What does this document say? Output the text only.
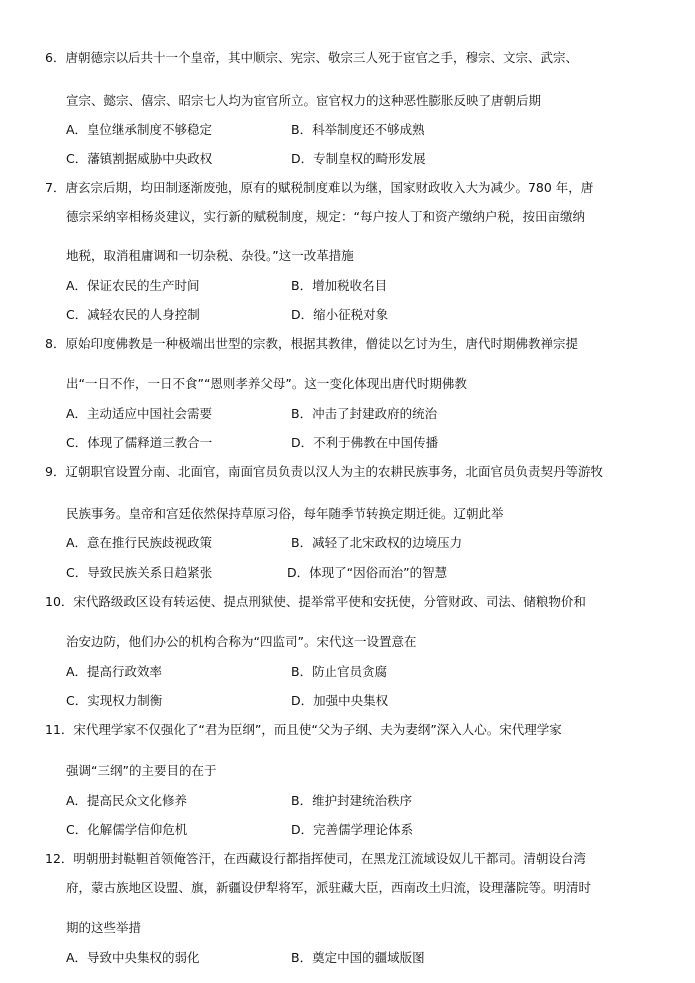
6．唐朝德宗以后共十一个皇帝，其中顺宗、宪宗、敬宗三人死于宦官之手，穆宗、文宗、武宗、
宣宗、懿宗、僖宗、昭宗七人均为宦官所立。宦官权力的这种恶性膨胀反映了唐朝后期
A．皇位继承制度不够稳定	B．科举制度还不够成熟
C．藩镇割据威胁中央政权	D．专制皇权的畸形发展
7．唐玄宗后期，均田制逐渐废弛，原有的赋税制度难以为继，国家财政收入大为减少。780 年，唐
德宗采纳宰相杨炎建议，实行新的赋税制度，规定：“每户按人丁和资产缴纳户税，按田亩缴纳
地税，取消租庸调和一切杂税、杂役。”这一改革措施
A．保证农民的生产时间	B．增加税收名目
C．减轻农民的人身控制	D．缩小征税对象
8．原始印度佛教是一种极端出世型的宗教，根据其教律，僧徒以乞讨为生，唐代时期佛教禅宗提
出“一日不作，一日不食”“恩则孝养父母”。这一变化体现出唐代时期佛教
A．主动适应中国社会需要	B．冲击了封建政府的统治
C．体现了儒释道三教合一	D．不利于佛教在中国传播
9．辽朝职官设置分南、北面官，南面官员负责以汉人为主的农耕民族事务，北面官员负责契丹等游牧
民族事务。皇帝和宫廷依然保持草原习俗，每年随季节转换定期迁徙。辽朝此举
A．意在推行民族歧视政策	B．减轻了北宋政权的边境压力
C．导致民族关系日趋紧张	D．体现了“因俗而治”的智慧
10．宋代路级政区设有转运使、提点刑狱使、提举常平使和安抚使，分管财政、司法、储粮物价和
治安边防，他们办公的机构合称为“四监司”。宋代这一设置意在
A．提高行政效率	B．防止官员贪腐
C．实现权力制衡	D．加强中央集权
11．宋代理学家不仅强化了“君为臣纲”，而且使“父为子纲、夫为妻纲”深入人心。宋代理学家
强调“三纲”的主要目的在于
A．提高民众文化修养	B．维护封建统治秩序
C．化解儒学信仰危机	D．完善儒学理论体系
12．明朝册封鞑靼首领俺答汗，在西藏设行都指挥使司，在黑龙江流域设奴儿干都司。清朝设台湾
府，蒙古族地区设盟、旗，新疆设伊犁将军，派驻藏大臣，西南改土归流，设理藩院等。明清时
期的这些举措
A．导致中央集权的弱化	B．奠定中国的疆域版图
